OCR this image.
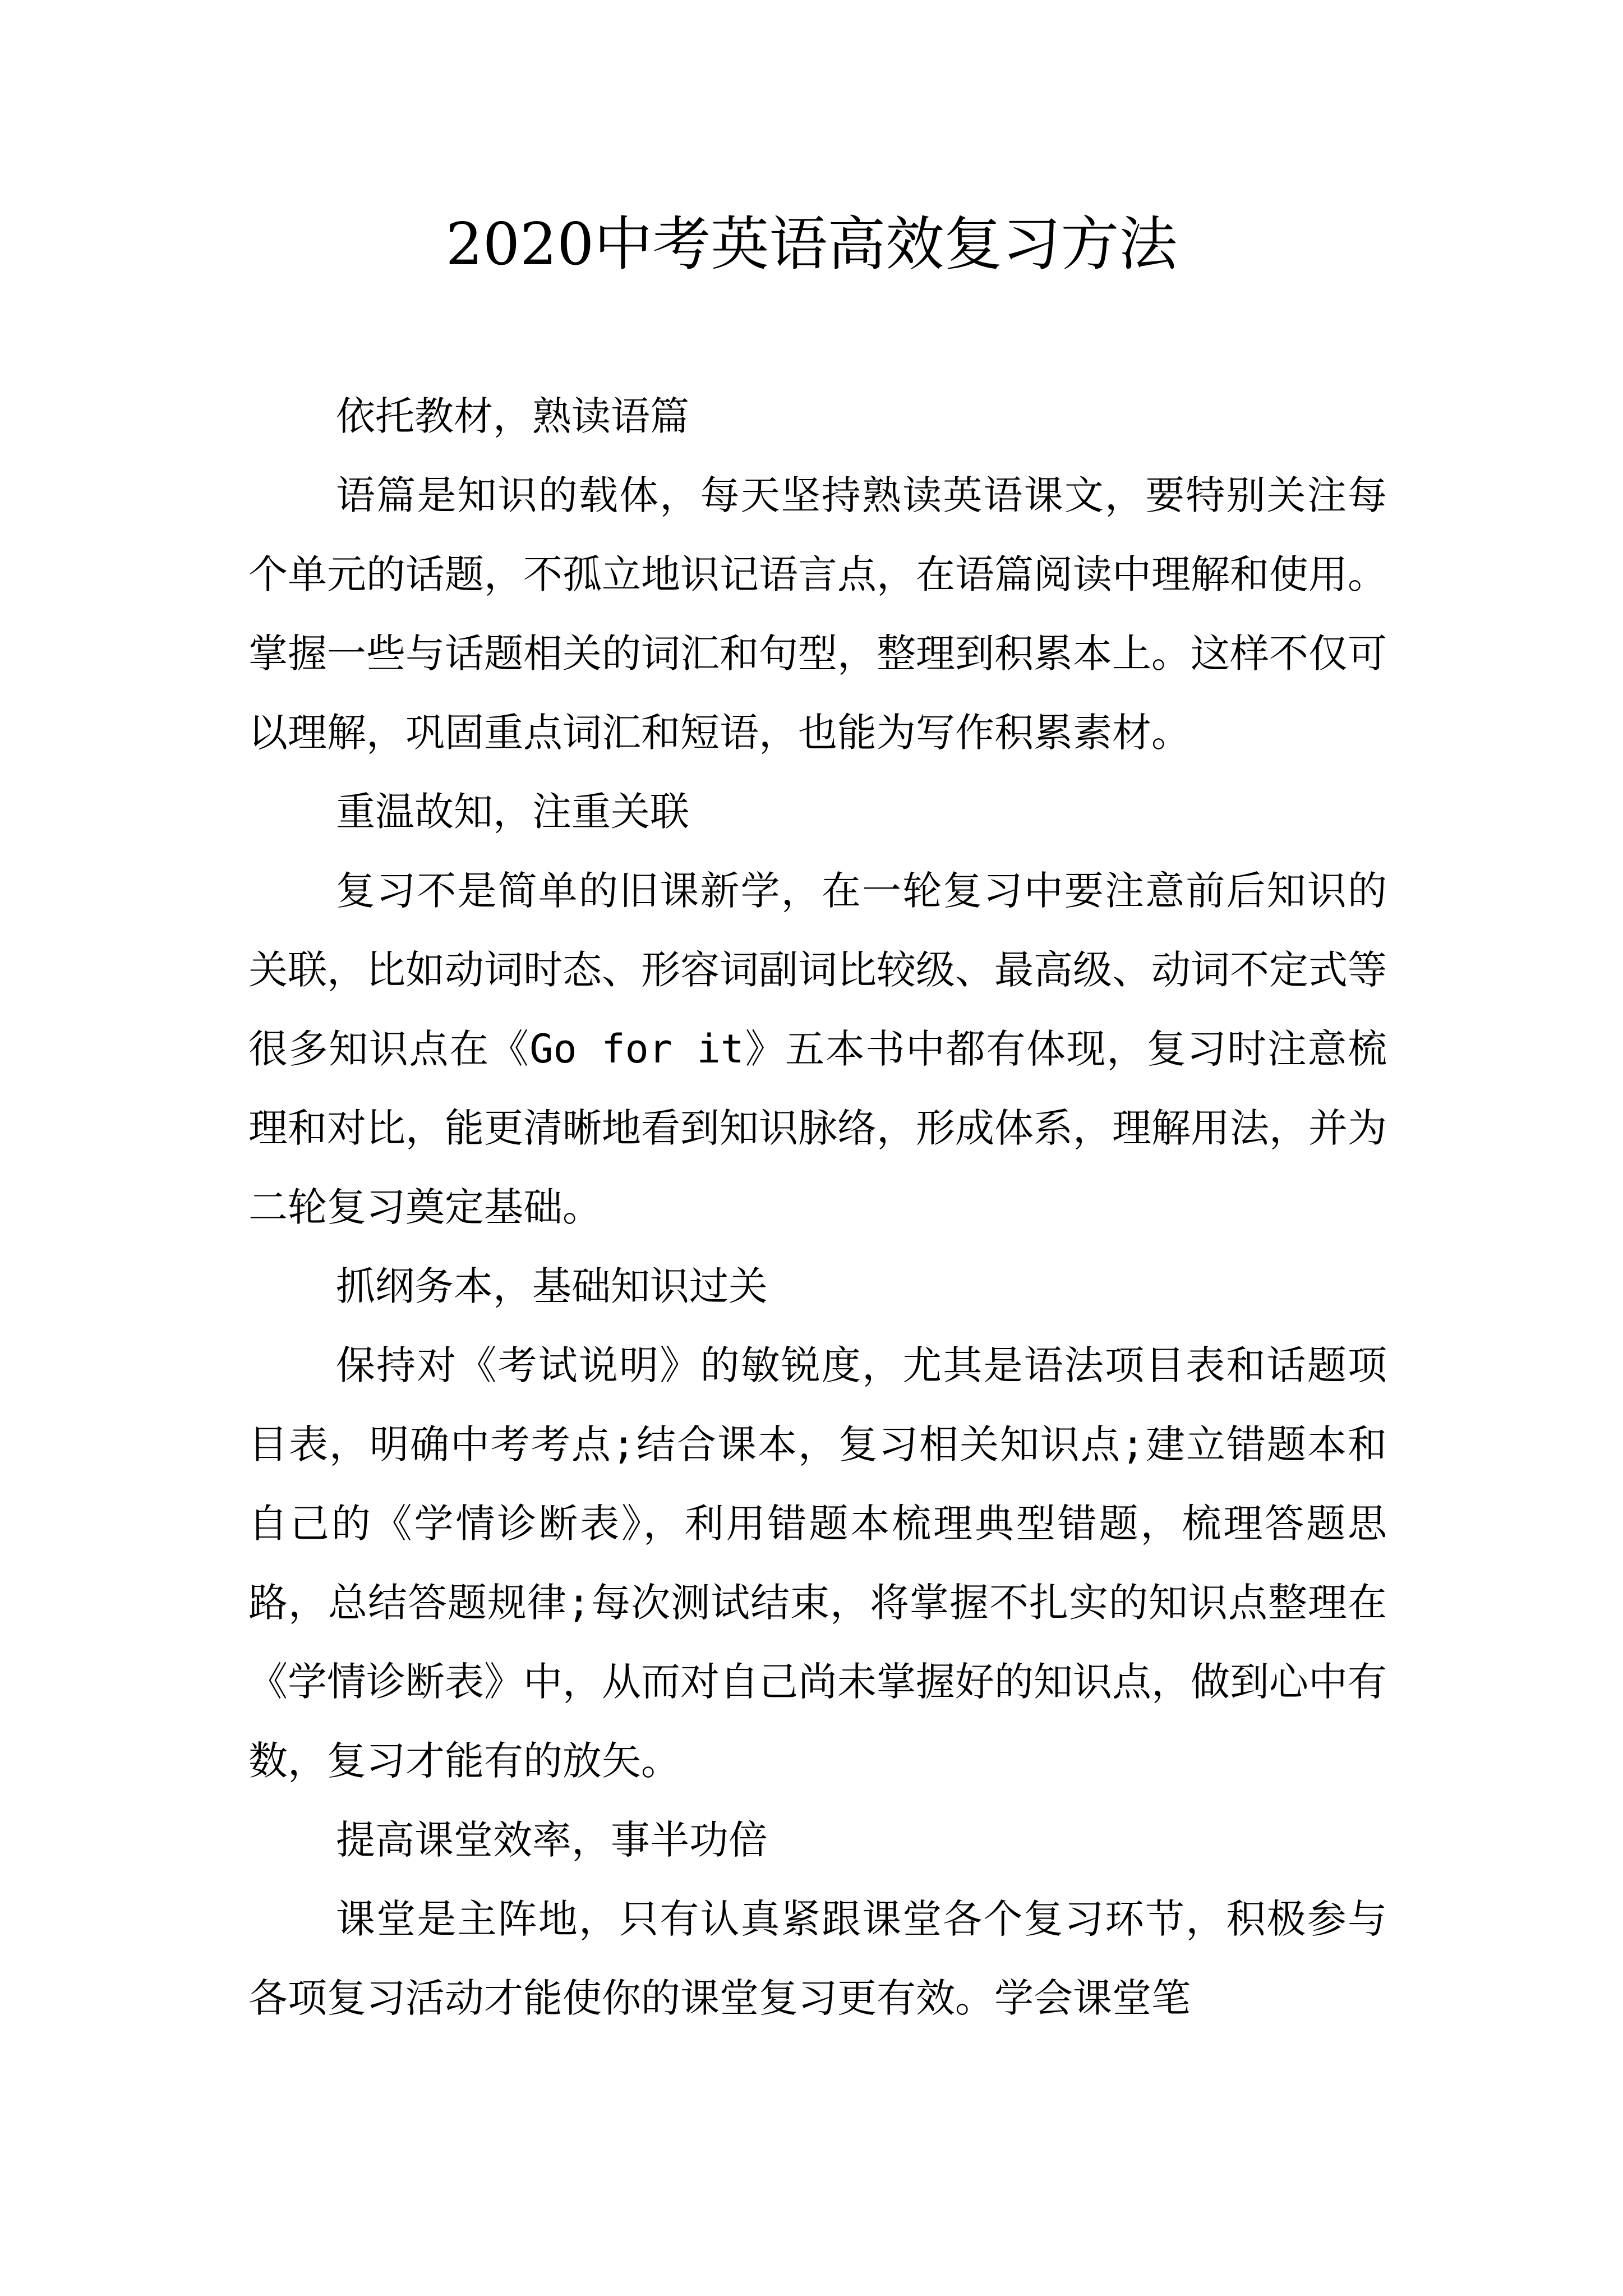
2020中考英语高效复习方法

依托教材，熟读语篇

语篇是知识的载体，每天坚持熟读英语课文，要特别关注每个单元的话题，不孤立地识记语言点，在语篇阅读中理解和使用。掌握一些与话题相关的词汇和句型，整理到积累本上。这样不仅可以理解，巩固重点词汇和短语，也能为写作积累素材。

重温故知，注重关联

复习不是简单的旧课新学，在一轮复习中要注意前后知识的关联，比如动词时态、形容词副词比较级、最高级、动词不定式等很多知识点在《Go for it》五本书中都有体现，复习时注意梳理和对比，能更清晰地看到知识脉络，形成体系，理解用法，并为二轮复习奠定基础。

抓纲务本，基础知识过关

保持对《考试说明》的敏锐度，尤其是语法项目表和话题项目表，明确中考考点;结合课本，复习相关知识点;建立错题本和自己的《学情诊断表》，利用错题本梳理典型错题，梳理答题思路，总结答题规律;每次测试结束，将掌握不扎实的知识点整理在《学情诊断表》中，从而对自己尚未掌握好的知识点，做到心中有数，复习才能有的放矢。

提高课堂效率，事半功倍

课堂是主阵地，只有认真紧跟课堂各个复习环节，积极参与各项复习活动才能使你的课堂复习更有效。学会课堂笔
